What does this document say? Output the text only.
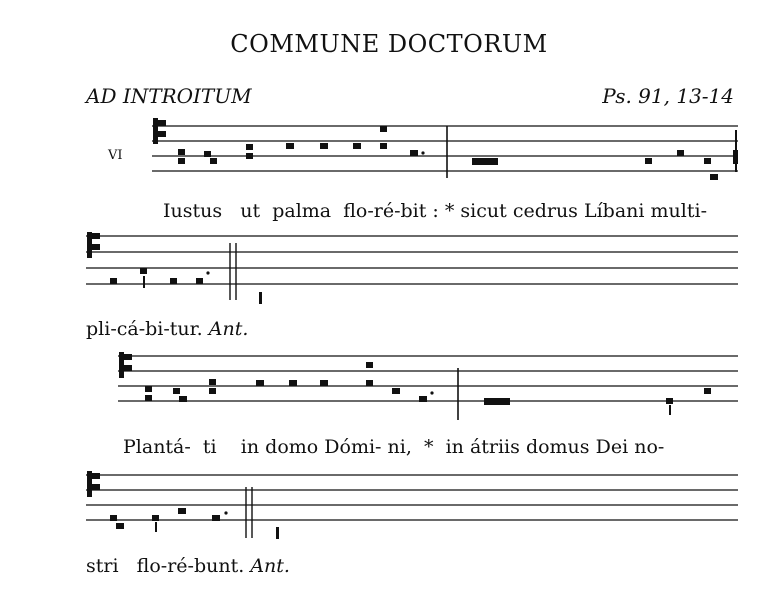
COMMUNE DOCTORUM
AD INTROITUM	Ps. 91, 13-14
VI
Iustus ut palma flo-ré-bit : * sicut cedrus Líbani multi-
pli-cá-bi-tur. Ant.
Plantá- ti in domo Dómi- ni, * in átriis domus Dei no-
stri flo-ré-bunt. Ant.
